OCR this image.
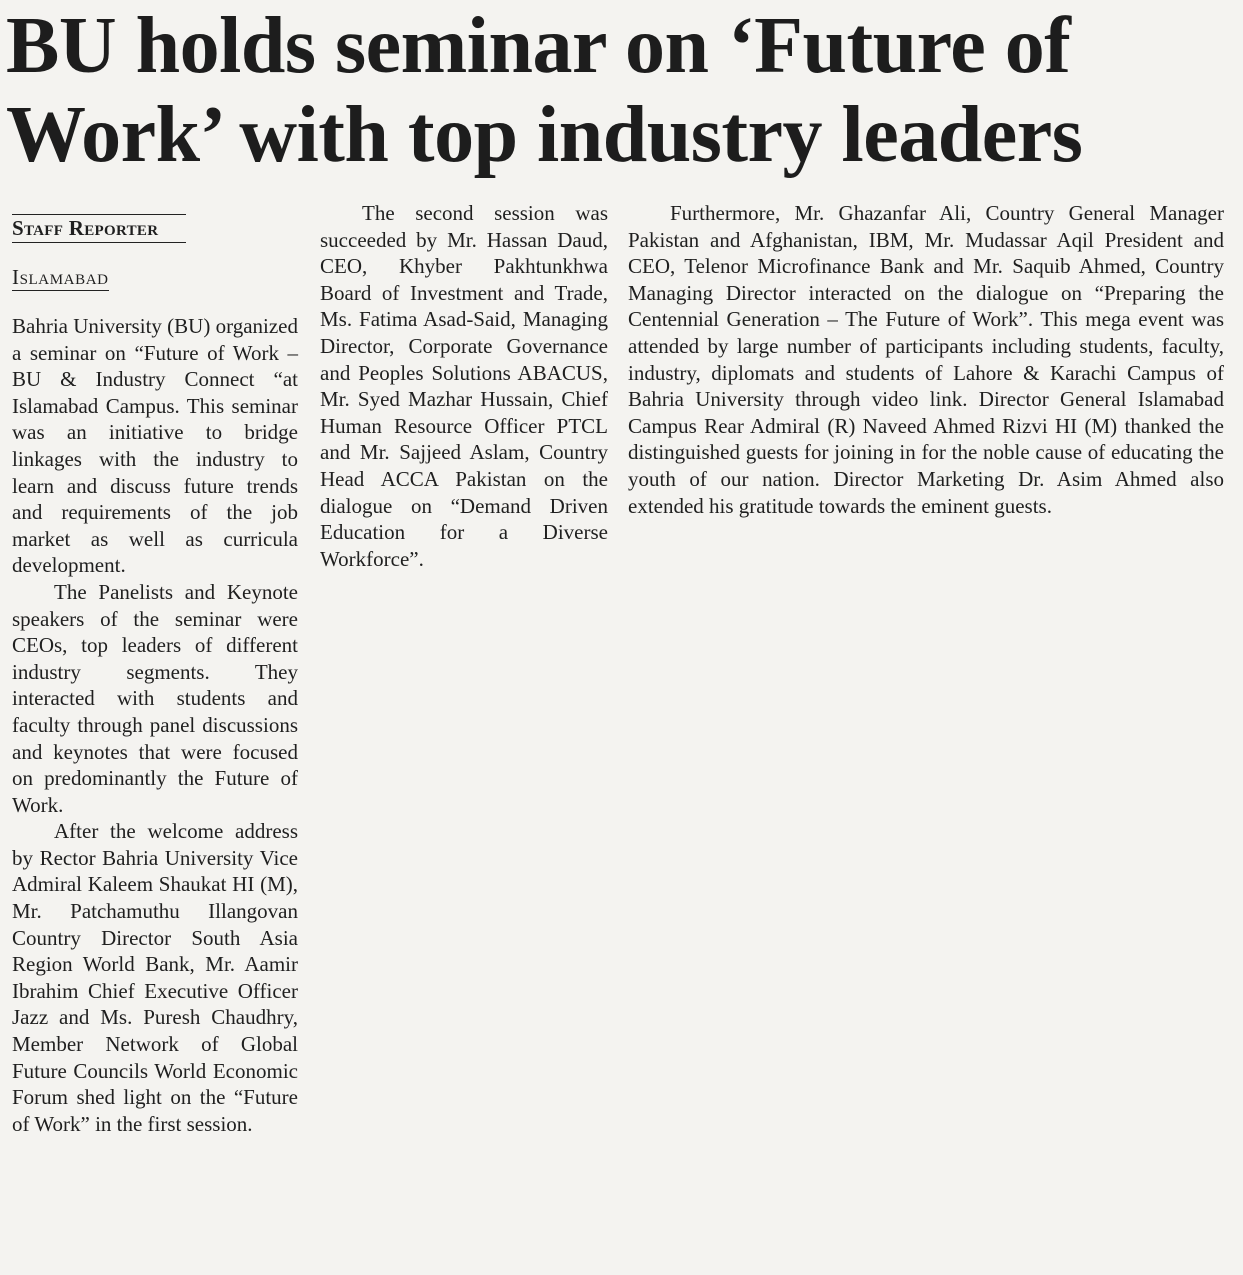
BU holds seminar on ‘Future of Work’ with top industry leaders
Staff Reporter
Islamabad

Bahria University (BU) organized a seminar on “Future of Work – BU & Industry Connect “at Islamabad Campus. This seminar was an initiative to bridge linkages with the industry to learn and discuss future trends and requirements of the job market as well as curricula development.

The Panelists and Keynote speakers of the seminar were CEOs, top leaders of different industry segments. They interacted with students and faculty through panel discussions and keynotes that were focused on predominantly the Future of Work.

After the welcome address by Rector Bahria University Vice Admiral Kaleem Shaukat HI (M), Mr. Patchamuthu Illangovan Country Director South Asia Region World Bank, Mr. Aamir Ibrahim Chief Executive Officer Jazz and Ms. Puresh Chaudhry, Member Network of Global Future Councils World Economic Forum shed light on the “Future of Work” in the first session.

The second session was succeeded by Mr. Hassan Daud, CEO, Khyber Pakhtunkhwa Board of Investment and Trade, Ms. Fatima Asad-Said, Managing Director, Corporate Governance and Peoples Solutions ABACUS, Mr. Syed Mazhar Hussain, Chief Human Resource Officer PTCL and Mr. Sajjeed Aslam, Country Head ACCA Pakistan on the dialogue on “Demand Driven Education for a Diverse Workforce”.

Furthermore, Mr. Ghazanfar Ali, Country General Manager Pakistan and Afghanistan, IBM, Mr. Mudassar Aqil President and CEO, Telenor Microfinance Bank and Mr. Saquib Ahmed, Country Managing Director interacted on the dialogue on “Preparing the Centennial Generation – The Future of Work”. This mega event was attended by large number of participants including students, faculty, industry, diplomats and students of Lahore & Karachi Campus of Bahria University through video link. Director General Islamabad Campus Rear Admiral (R) Naveed Ahmed Rizvi HI (M) thanked the distinguished guests for joining in for the noble cause of educating the youth of our nation. Director Marketing Dr. Asim Ahmed also extended his gratitude towards the eminent guests.
